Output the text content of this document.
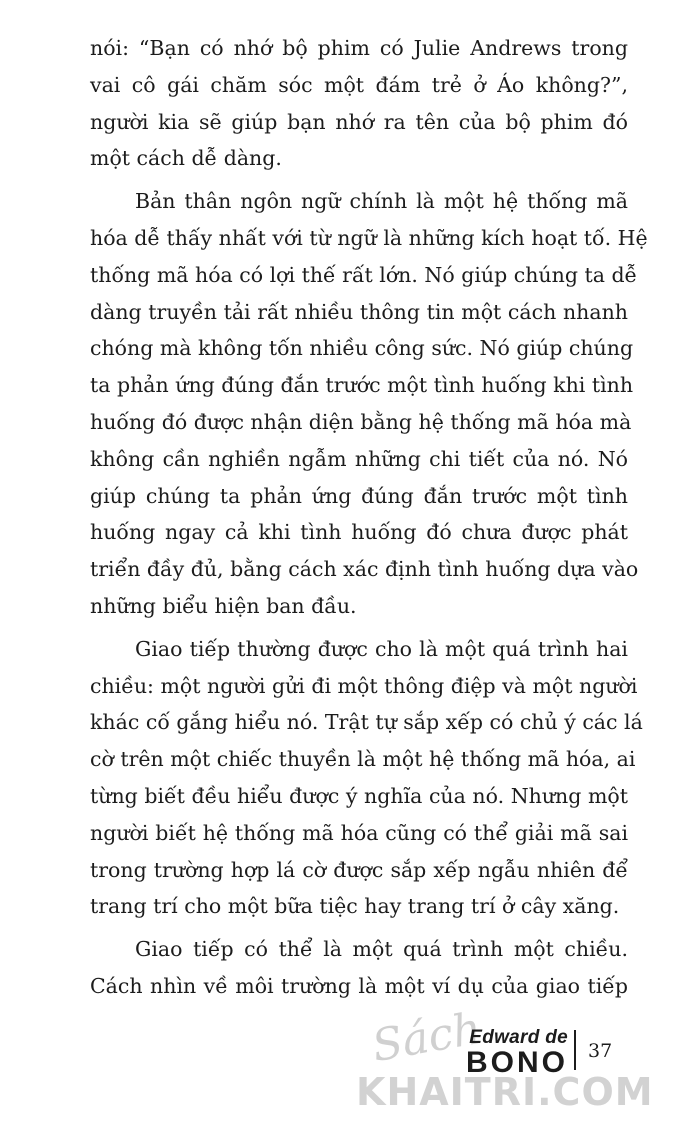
nói: “Bạn có nhớ bộ phim có Julie Andrews trong
vai cô gái chăm sóc một đám trẻ ở Áo không?”,
người kia sẽ giúp bạn nhớ ra tên của bộ phim đó
một cách dễ dàng.

Bản thân ngôn ngữ chính là một hệ thống mã
hóa dễ thấy nhất với từ ngữ là những kích hoạt tố. Hệ
thống mã hóa có lợi thế rất lớn. Nó giúp chúng ta dễ
dàng truyền tải rất nhiều thông tin một cách nhanh
chóng mà không tốn nhiều công sức. Nó giúp chúng
ta phản ứng đúng đắn trước một tình huống khi tình
huống đó được nhận diện bằng hệ thống mã hóa mà
không cần nghiền ngẫm những chi tiết của nó. Nó
giúp chúng ta phản ứng đúng đắn trước một tình
huống ngay cả khi tình huống đó chưa được phát
triển đầy đủ, bằng cách xác định tình huống dựa vào
những biểu hiện ban đầu.

Giao tiếp thường được cho là một quá trình hai
chiều: một người gửi đi một thông điệp và một người
khác cố gắng hiểu nó. Trật tự sắp xếp có chủ ý các lá
cờ trên một chiếc thuyền là một hệ thống mã hóa, ai
từng biết đều hiểu được ý nghĩa của nó. Nhưng một
người biết hệ thống mã hóa cũng có thể giải mã sai
trong trường hợp lá cờ được sắp xếp ngẫu nhiên để
trang trí cho một bữa tiệc hay trang trí ở cây xăng.

Giao tiếp có thể là một quá trình một chiều.
Cách nhìn về môi trường là một ví dụ của giao tiếp

Sách
Edward de
BONO 37
KHAITRI.COM
